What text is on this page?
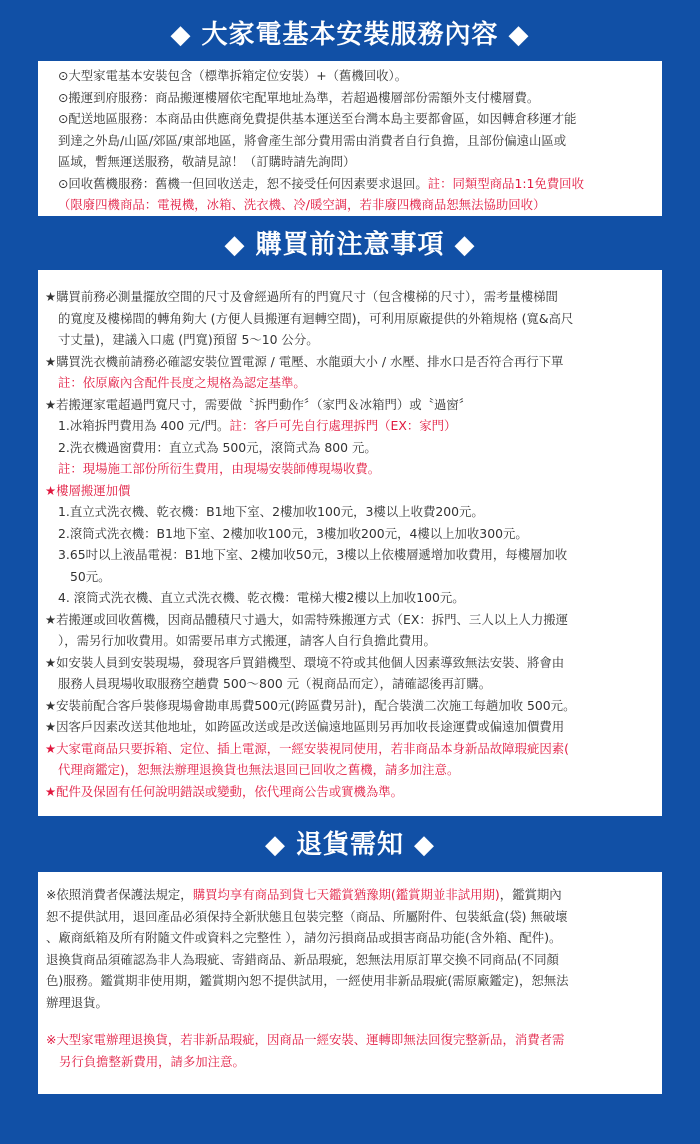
◆ 大家電基本安裝服務內容 ◆
⊙大型家電基本安裝包含（標準拆箱定位安裝）+（舊機回收）。
⊙搬運到府服務：商品搬運樓層依宅配單地址為準，若超過樓層部份需額外支付樓層費。
⊙配送地區服務：本商品由供應商免費提供基本運送至台灣本島主要都會區，如因轉倉移運才能
到達之外島/山區/郊區/東部地區，將會產生部分費用需由消費者自行負擔，且部份偏遠山區或
區域，暫無運送服務，敬請見諒！（訂購時請先詢問）
⊙回收舊機服務：舊機一但回收送走，恕不接受任何因素要求退回。註：同類型商品1:1免費回收
（限廢四機商品：電視機，冰箱、洗衣機、冷/暖空調，若非廢四機商品恕無法協助回收）
◆ 購買前注意事項 ◆
★購買前務必測量擺放空間的尺寸及會經過所有的門寬尺寸（包含樓梯的尺寸），需考量樓梯間
的寬度及樓梯間的轉角夠大 (方便人員搬運有迴轉空間)，可利用原廠提供的外箱規格 (寬&高尺
寸丈量)，建議入口處 (門寬)預留 5～10 公分。
★購買洗衣機前請務必確認安裝位置電源 / 電壓、水龍頭大小 / 水壓、排水口是否符合再行下單
註：依原廠內含配件長度之規格為認定基準。
★若搬運家電超過門寬尺寸，需要做〝拆門動作〞（家門＆冰箱門）或〝過窗〞
1.冰箱拆門費用為 400 元/門。註：客戶可先自行處理拆門（EX：家門）
2.洗衣機過窗費用：直立式為 500元，滾筒式為 800 元。
註：現場施工部份所衍生費用，由現場安裝師傅現場收費。
★樓層搬運加價
1.直立式洗衣機、乾衣機：B1地下室、2樓加收100元，3樓以上收費200元。
2.滾筒式洗衣機：B1地下室、2樓加收100元，3樓加收200元，4樓以上加收300元。
3.65吋以上液晶電視：B1地下室、2樓加收50元，3樓以上依樓層遞增加收費用，每樓層加收
50元。
4. 滾筒式洗衣機、直立式洗衣機、乾衣機：電梯大樓2樓以上加收100元。
★若搬運或回收舊機，因商品體積尺寸過大，如需特殊搬運方式（EX：拆門、三人以上人力搬運
），需另行加收費用。如需要吊車方式搬運，請客人自行負擔此費用。
★如安裝人員到安裝現場，發現客戶買錯機型、環境不符或其他個人因素導致無法安裝、將會由
服務人員現場收取服務空趟費 500～800 元（視商品而定），請確認後再訂購。
★安裝前配合客戶裝修現場會勘車馬費500元(跨區費另計)，配合裝潢二次施工每趟加收 500元。
★因客戶因素改送其他地址，如跨區改送或是改送偏遠地區則另再加收長途運費或偏遠加價費用
★大家電商品只要拆箱、定位、插上電源，一經安裝視同使用，若非商品本身新品故障瑕疵因素(
代理商鑑定)，恕無法辦理退換貨也無法退回已回收之舊機，請多加注意。
★配件及保固有任何說明錯誤或變動，依代理商公告或實機為準。
◆ 退貨需知 ◆
※依照消費者保護法規定，購買均享有商品到貨七天鑑賞猶豫期(鑑賞期並非試用期)，鑑賞期內
恕不提供試用，退回產品必須保持全新狀態且包裝完整（商品、所屬附件、包裝紙盒(袋) 無破壞
、廠商紙箱及所有附隨文件或資料之完整性 ），請勿污損商品或損害商品功能(含外箱、配件)。
退換貨商品須確認為非人為瑕疵、寄錯商品、新品瑕疵，恕無法用原訂單交換不同商品(不同顏
色)服務。鑑賞期非使用期，鑑賞期內恕不提供試用，一經使用非新品瑕疵(需原廠鑑定)，恕無法
辦理退貨。
※大型家電辦理退換貨，若非新品瑕疵，因商品一經安裝、運轉即無法回復完整新品，消費者需
另行負擔整新費用，請多加注意。
